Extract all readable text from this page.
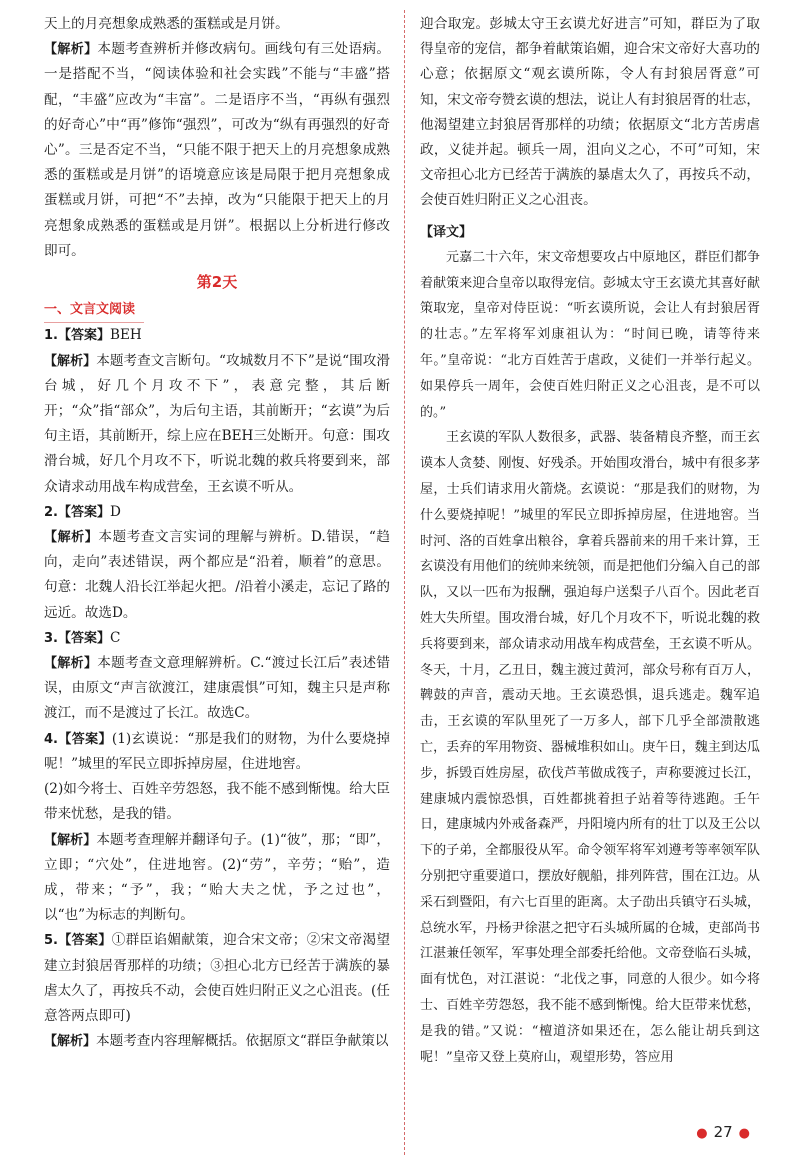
天上的月亮想象成熟悉的蛋糕或是月饼。

【解析】本题考查辨析并修改病句。画线句有三处语病。一是搭配不当，“阅读体验和社会实践”不能与“丰盛”搭配，“丰盛”应改为“丰富”。二是语序不当，“再纵有强烈的好奇心”中“再”修饰“强烈”，可改为“纵有再强烈的好奇心”。三是否定不当，“只能不限于把天上的月亮想象成熟悉的蛋糕或是月饼”的语境意应该是局限于把月亮想象成蛋糕或月饼，可把“不”去掉，改为“只能限于把天上的月亮想象成熟悉的蛋糕或是月饼”。根据以上分析进行修改即可。

第2天
一、文言文阅读

1.【答案】BEH

【解析】本题考查文言断句。“攻城数月不下”是说“围攻滑台城，好几个月攻不下”，表意完整，其后断开；“众”指“部众”，为后句主语，其前断开；“玄谟”为后句主语，其前断开，综上应在BEH三处断开。句意：围攻滑台城，好几个月攻不下，听说北魏的救兵将要到来，部众请求动用战车构成营垒，王玄谟不听从。

2.【答案】D

【解析】本题考查文言实词的理解与辨析。D.错误，“趋向，走向”表述错误，两个都应是“沿着，顺着”的意思。句意：北魏人沿长江举起火把。/沿着小溪走，忘记了路的远近。故选D。

3.【答案】C

【解析】本题考查文意理解辨析。C.“渡过长江后”表述错误，由原文“声言欲渡江，建康震惧”可知，魏主只是声称渡江，而不是渡过了长江。故选C。

4.【答案】(1)玄谟说：“那是我们的财物，为什么要烧掉呢！”城里的军民立即拆掉房屋，住进地窖。

(2)如今将士、百姓辛劳怨怒，我不能不感到惭愧。给大臣带来忧愁，是我的错。

【解析】本题考查理解并翻译句子。(1)“彼”，那；“即”，立即；“穴处”，住进地窖。(2)“劳”，辛劳；“贻”，造成，带来；“予”，我；“贻大夫之忧，予之过也”，以“也”为标志的判断句。

5.【答案】①群臣谄媚献策，迎合宋文帝；②宋文帝渴望建立封狼居胥那样的功绩；③担心北方已经苦于满族的暴虐太久了，再按兵不动，会使百姓归附正义之心沮丧。(任意答两点即可)

【解析】本题考查内容理解概括。依据原文“群臣争献策以

迎合取宠。彭城太守王玄谟尤好进言”可知，群臣为了取得皇帝的宠信，都争着献策谄媚，迎合宋文帝好大喜功的心意；依据原文“观玄谟所陈，令人有封狼居胥意”可知，宋文帝夸赞玄谟的想法，说让人有封狼居胥的壮志，他渴望建立封狼居胥那样的功绩；依据原文“北方苦虏虐政，义徒并起。顿兵一周，沮向义之心，不可”可知，宋文帝担心北方已经苦于满族的暴虐太久了，再按兵不动，会使百姓归附正义之心沮丧。

【译文】

元嘉二十六年，宋文帝想要攻占中原地区，群臣们都争着献策来迎合皇帝以取得宠信。彭城太守王玄谟尤其喜好献策取宠，皇帝对侍臣说：“听玄谟所说，会让人有封狼居胥的壮志。”左军将军刘康祖认为：“时间已晚，请等待来年。”皇帝说：“北方百姓苦于虐政，义徒们一并举行起义。如果停兵一周年，会使百姓归附正义之心沮丧，是不可以的。”

王玄谟的军队人数很多，武器、装备精良齐整，而王玄谟本人贪婪、刚愎、好残杀。开始围攻滑台，城中有很多茅屋，士兵们请求用火箭烧。玄谟说：“那是我们的财物，为什么要烧掉呢！”城里的军民立即拆掉房屋，住进地窖。当时河、洛的百姓拿出粮谷，拿着兵器前来的用千来计算，王玄谟没有用他们的统帅来统领，而是把他们分编入自己的部队，又以一匹布为报酬，强迫每户送梨子八百个。因此老百姓大失所望。围攻滑台城，好几个月攻不下，听说北魏的救兵将要到来，部众请求动用战车构成营垒，王玄谟不听从。冬天，十月，乙丑日，魏主渡过黄河，部众号称有百万人，鞞鼓的声音，震动天地。王玄谟恐惧，退兵逃走。魏军追击，王玄谟的军队里死了一万多人，部下几乎全部溃散逃亡，丢弃的军用物资、器械堆积如山。庚午日，魏主到达瓜步，拆毁百姓房屋，砍伐芦苇做成筏子，声称要渡过长江，建康城内震惊恐惧，百姓都挑着担子站着等待逃跑。壬午日，建康城内外戒备森严，丹阳境内所有的壮丁以及王公以下的子弟，全都服役从军。命令领军将军刘遵考等率领军队分别把守重要道口，摆放好舰船，排列阵营，围在江边。从采石到暨阳，有六七百里的距离。太子劭出兵镇守石头城，总统水军，丹杨尹徐湛之把守石头城所属的仓城，吏部尚书江湛兼任领军，军事处理全部委托给他。文帝登临石头城，面有忧色，对江湛说：“北伐之事，同意的人很少。如今将士、百姓辛劳怨怒，我不能不感到惭愧。给大臣带来忧愁，是我的错。”又说：“檀道济如果还在，怎么能让胡兵到这呢！”皇帝又登上莫府山，观望形势，答应用

● 27 ●
